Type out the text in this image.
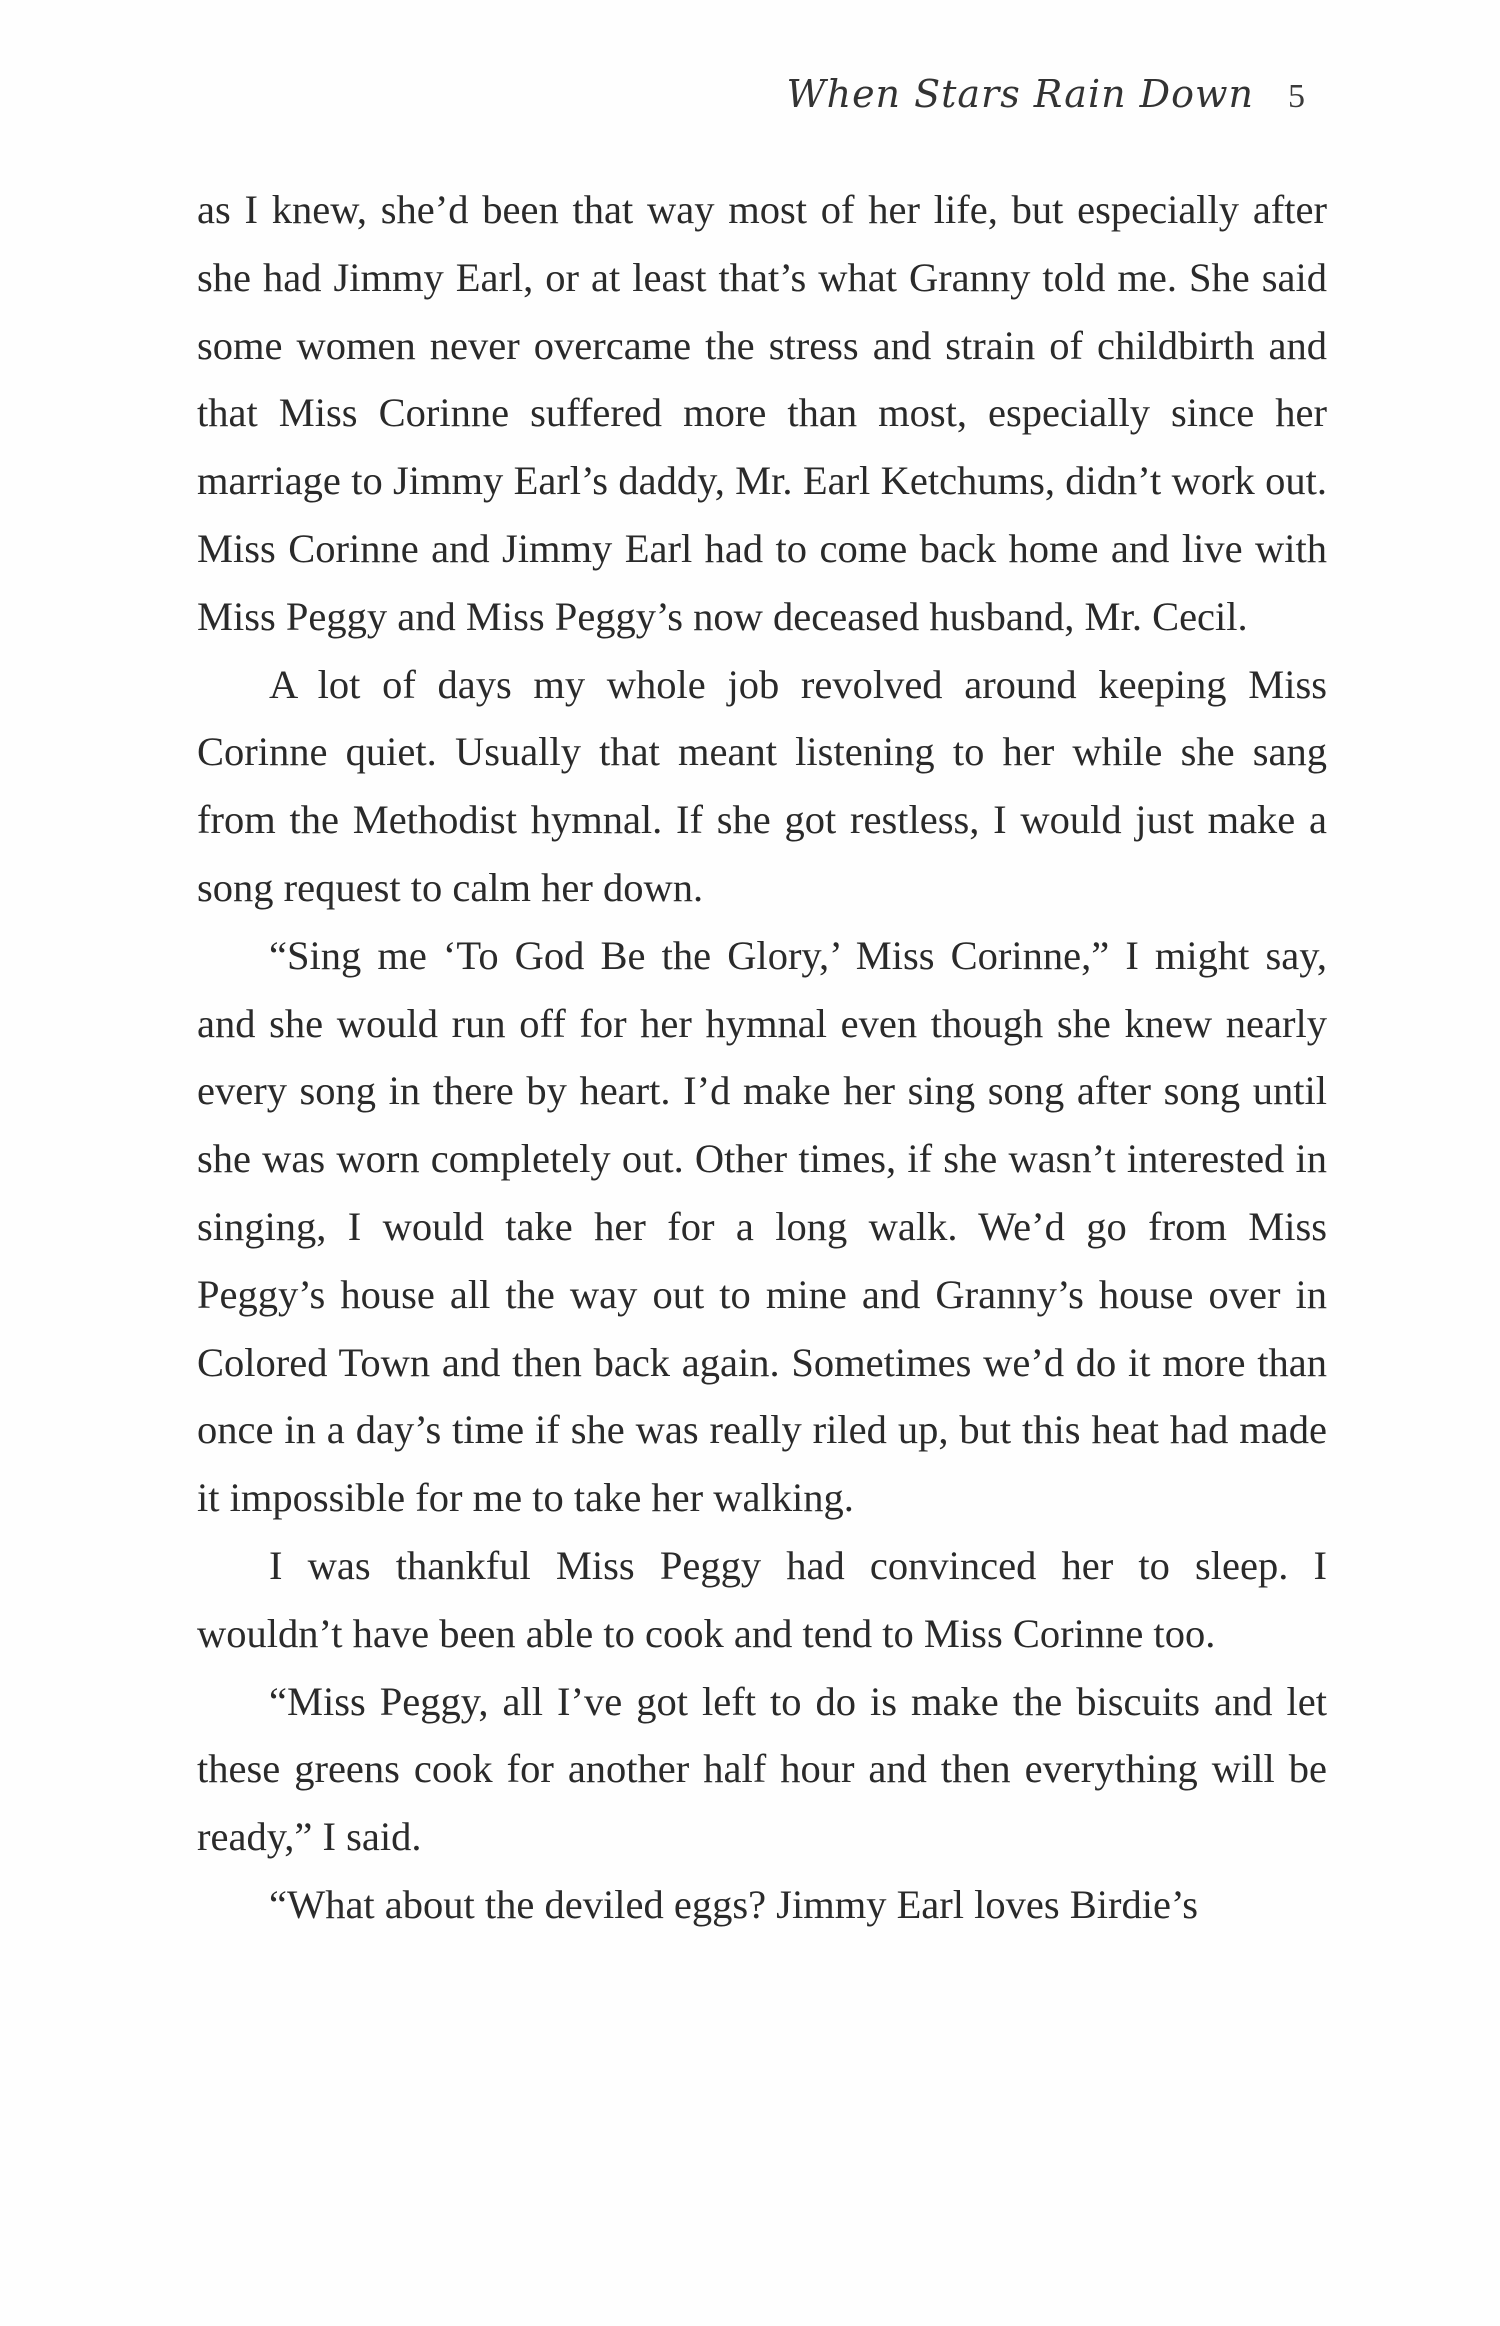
When Stars Rain Down 5

as I knew, she’d been that way most of her life, but especially after she had Jimmy Earl, or at least that’s what Granny told me. She said some women never overcame the stress and strain of childbirth and that Miss Corinne suffered more than most, especially since her marriage to Jimmy Earl’s daddy, Mr. Earl Ketchums, didn’t work out. Miss Corinne and Jimmy Earl had to come back home and live with Miss Peggy and Miss Peggy’s now deceased husband, Mr. Cecil.

A lot of days my whole job revolved around keeping Miss Corinne quiet. Usually that meant listening to her while she sang from the Methodist hymnal. If she got restless, I would just make a song request to calm her down.

“Sing me ‘To God Be the Glory,’ Miss Corinne,” I might say, and she would run off for her hymnal even though she knew nearly every song in there by heart. I’d make her sing song after song until she was worn completely out. Other times, if she wasn’t interested in singing, I would take her for a long walk. We’d go from Miss Peggy’s house all the way out to mine and Granny’s house over in Colored Town and then back again. Sometimes we’d do it more than once in a day’s time if she was really riled up, but this heat had made it impossible for me to take her walking.

I was thankful Miss Peggy had convinced her to sleep. I wouldn’t have been able to cook and tend to Miss Corinne too.

“Miss Peggy, all I’ve got left to do is make the biscuits and let these greens cook for another half hour and then everything will be ready,” I said.

“What about the deviled eggs? Jimmy Earl loves Birdie’s
